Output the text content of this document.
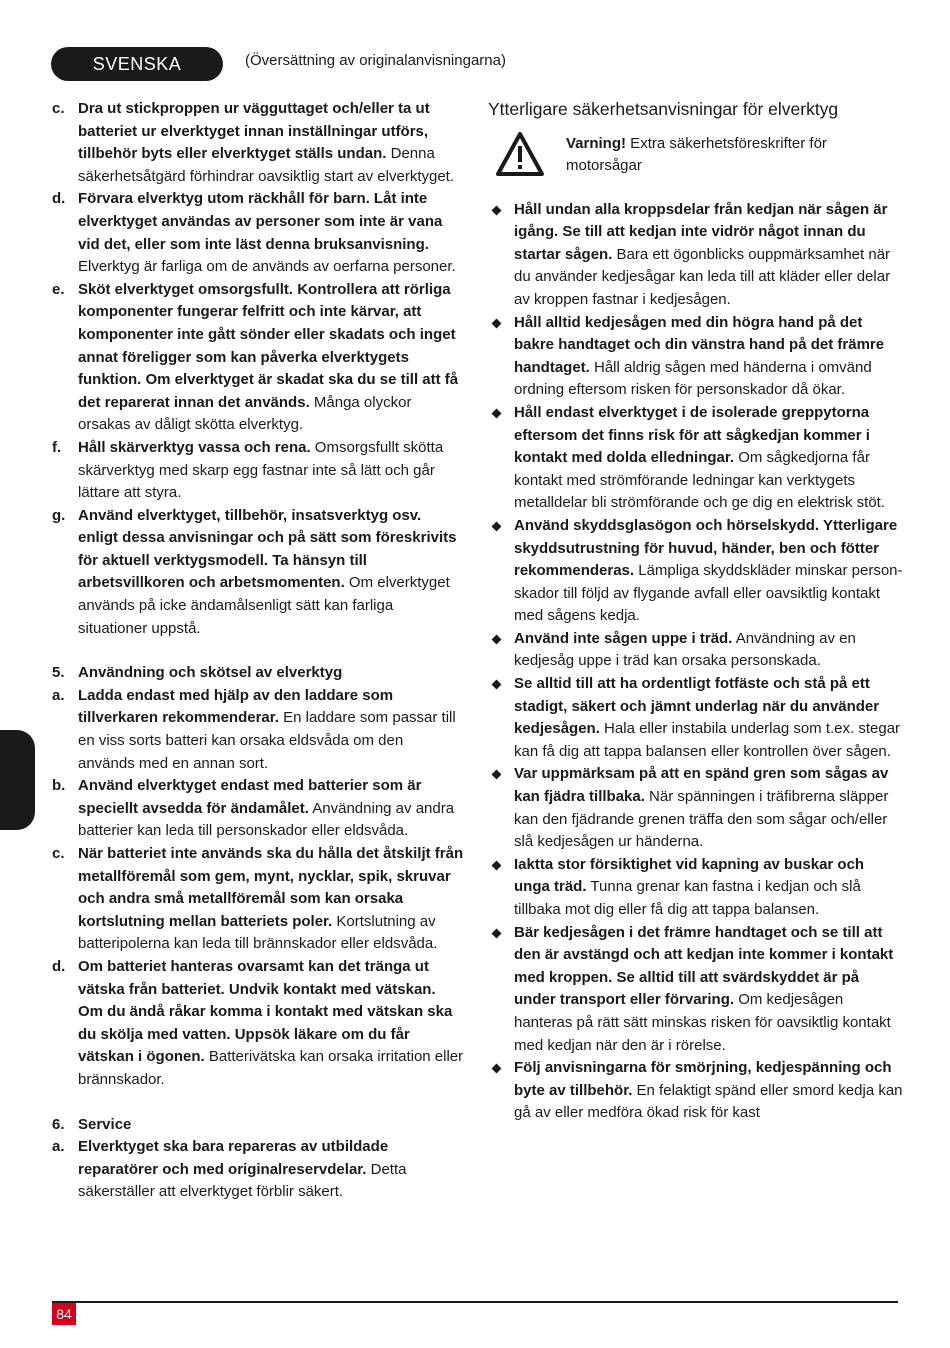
SVENSKA	(Översättning av originalanvisningarna)
c. Dra ut stickproppen ur vägguttaget och/eller ta ut batteriet ur elverktyget innan inställningar utförs, tillbehör byts eller elverktyget ställs undan. Denna säkerhetsåtgärd förhindrar oavsiktlig start av elverktyget.
d. Förvara elverktyg utom räckhåll för barn. Låt inte elverktyget användas av personer som inte är vana vid det, eller som inte läst denna bruksanvisning. Elverktyg är farliga om de används av oerfarna personer.
e. Sköt elverktyget omsorgsfullt. Kontrollera att rörliga komponenter fungerar felfritt och inte kärvar, att komponenter inte gått sönder eller skadats och inget annat föreligger som kan påverka elverktygets funktion. Om elverktyget är skadat ska du se till att få det reparerat innan det används. Många olyckor orsakas av dåligt skötta elverktyg.
f. Håll skärverktyg vassa och rena. Omsorgsfullt skötta skärverktyg med skarp egg fastnar inte så lätt och går lättare att styra.
g. Använd elverktyget, tillbehör, insatsverktyg osv. enligt dessa anvisningar och på sätt som föreskrivits för aktuell verktygsmodell. Ta hänsyn till arbetsvillkoren och arbetsmomenten. Om elverktyget används på icke ändamålsenligt sätt kan farliga situationer uppstå.
5. Användning och skötsel av elverktyg
a. Ladda endast med hjälp av den laddare som tillverkaren rekommenderar. En laddare som passar till en viss sorts batteri kan orsaka eldsvåda om den används med en annan sort.
b. Använd elverktyget endast med batterier som är speciellt avsedda för ändamålet. Användning av andra batterier kan leda till personskador eller eldsvåda.
c. När batteriet inte används ska du hålla det åtskiljt från metallföremål som gem, mynt, nycklar, spik, skruvar och andra små metallföremål som kan orsaka kortslutning mellan batteriets poler. Kortslutning av batteripolerna kan leda till brännskador eller eldsvåda.
d. Om batteriet hanteras ovarsamt kan det tränga ut vätska från batteriet. Undvik kontakt med vätskan. Om du ändå råkar komma i kontakt med vätskan ska du skölja med vatten. Uppsök läkare om du får vätskan i ögonen. Batterivätska kan orsaka irritation eller brännskador.
6. Service
a. Elverktyget ska bara repareras av utbildade reparatörer och med originalreservdelar. Detta säkerställer att elverktyget förblir säkert.
Ytterligare säkerhetsanvisningar för elverktyg
Varning! Extra säkerhetsföreskrifter för motorsågar
Håll undan alla kroppsdelar från kedjan när sågen är igång. Se till att kedjan inte vidrör något innan du startar sågen. Bara ett ögonblicks ouppmärksamhet när du använder kedjesågar kan leda till att kläder eller delar av kroppen fastnar i kedjesågen.
Håll alltid kedjesågen med din högra hand på det bakre handtaget och din vänstra hand på det främre handtaget. Håll aldrig sågen med händerna i omvänd ordning eftersom risken för personskador då ökar.
Håll endast elverktyget i de isolerade greppytorna eftersom det finns risk för att sågkedjan kommer i kontakt med dolda elledningar. Om sågkedjorna får kontakt med strömförande ledningar kan verktygets metalldelar bli strömförande och ge dig en elektrisk stöt.
Använd skyddsglasögon och hörselskydd. Ytterligare skyddsutrustning för huvud, händer, ben och fötter rekommenderas. Lämpliga skyddskläder minskar person-skador till följd av flygande avfall eller oavsiktlig kontakt med sågens kedja.
Använd inte sågen uppe i träd. Användning av en kedjesåg uppe i träd kan orsaka personskada.
Se alltid till att ha ordentligt fotfäste och stå på ett stadigt, säkert och jämnt underlag när du använder kedjesågen. Hala eller instabila underlag som t.ex. stegar kan få dig att tappa balansen eller kontrollen över sågen.
Var uppmärksam på att en spänd gren som sågas av kan fjädra tillbaka. När spänningen i träfibrerna släpper kan den fjädrande grenen träffa den som sågar och/eller slå kedjesågen ur händerna.
Iaktta stor försiktighet vid kapning av buskar och unga träd. Tunna grenar kan fastna i kedjan och slå tillbaka mot dig eller få dig att tappa balansen.
Bär kedjesågen i det främre handtaget och se till att den är avstängd och att kedjan inte kommer i kontakt med kroppen. Se alltid till att svärdskyddet är på under transport eller förvaring. Om kedjesågen hanteras på rätt sätt minskas risken för oavsiktlig kontakt med kedjan när den är i rörelse.
Följ anvisningarna för smörjning, kedjespänning och byte av tillbehör. En felaktigt spänd eller smord kedja kan gå av eller medföra ökad risk för kast
84
